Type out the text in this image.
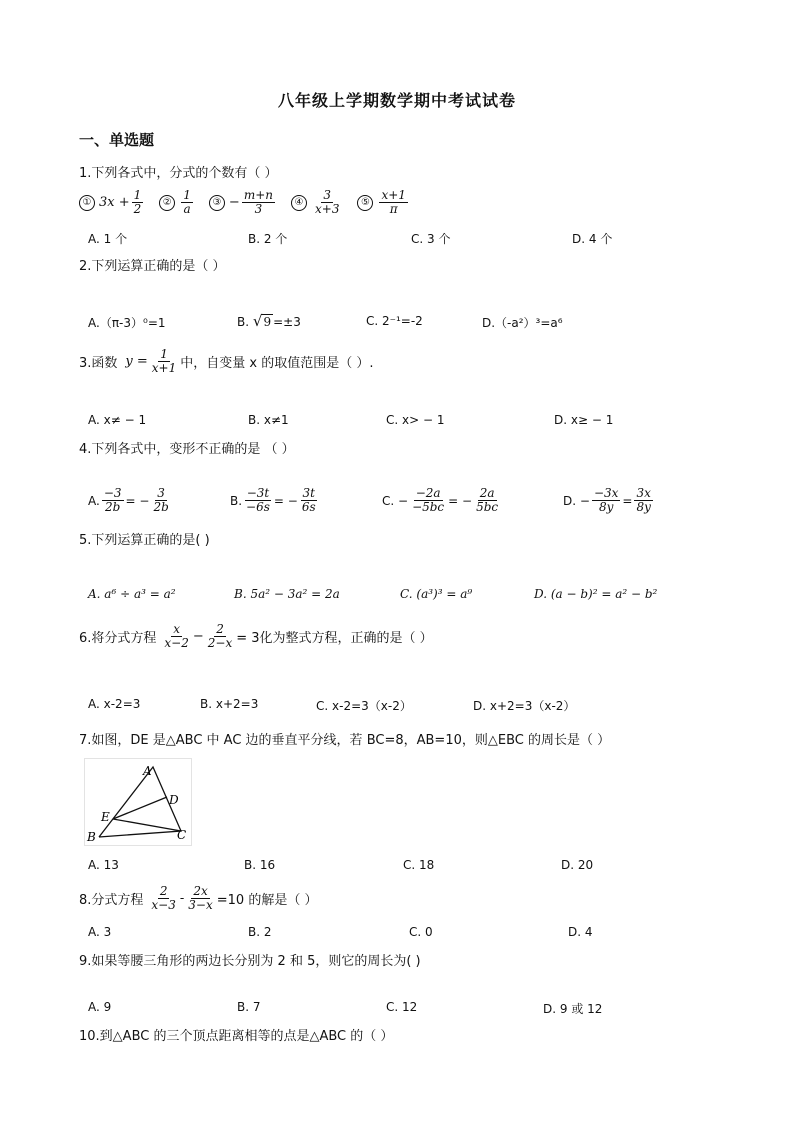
八年级上学期数学期中考试试卷
一、单选题
1.下列各式中，分式的个数有（ ）
① $3x + \frac{1}{2}$	② $\frac{1}{a}$	③ − $\frac{m+n}{3}$	④ $\frac{3}{x+3}$	⑤ $\frac{x+1}{\pi}$
A. 1 个	B. 2 个	C. 3 个	D. 4 个
2.下列运算正确的是（ ）
A.（π-3）⁰=1	B. √9 =±3	C. 2⁻¹=-2	D.（-a²）³=a⁶
3.函数 $y = \frac{1}{x+1}$ 中，自变量 x 的取值范围是（ ）.
A. x≠ − 1	B. x≠1	C. x> − 1	D. x≥ − 1
4.下列各式中，变形不正确的是 （ ）
A. $\frac{-3}{2b}$ = − $\frac{3}{2b}$	B. $\frac{-3t}{-6s}$ = − $\frac{3t}{6s}$	C. − $\frac{-2a}{-5bc}$ = − $\frac{2a}{5bc}$	D. − $\frac{-3x}{8y} = \frac{3x}{8y}$
5.下列运算正确的是( )
A. a⁶ ÷ a³ = a²	B. 5a² − 3a² = 2a	C. (a³)³ = a⁹	D. (a − b)² = a² − b²
6.将分式方程 $\frac{x}{x-2} - \frac{2}{2-x} = 3$化为整式方程，正确的是（ ）
A. x-2=3	B. x+2=3	C. x-2=3（x-2）	D. x+2=3（x-2）
7.如图，DE 是△ABC 中 AC 边的垂直平分线，若 BC=8，AB=10，则△EBC 的周长是（ ）
A
D
E
B	C
A. 13	B. 16	C. 18	D. 20
8.分式方程 $\frac{2}{x-3} - \frac{2x}{3-x} =10$ 的解是（ ）
A. 3	B. 2	C. 0	D. 4
9.如果等腰三角形的两边长分别为 2 和 5，则它的周长为( )
A. 9	B. 7	C. 12	D. 9 或 12
10.到△ABC 的三个顶点距离相等的点是△ABC 的（ ）
